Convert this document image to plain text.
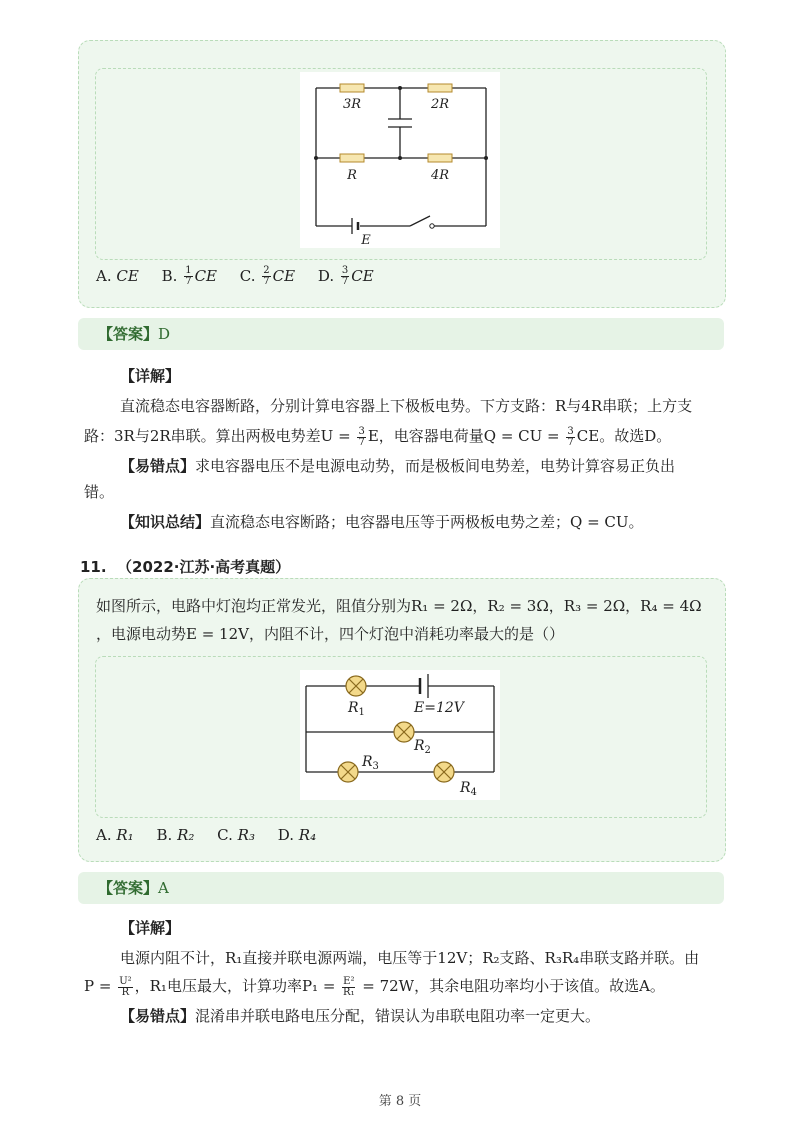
3R	2R
R	4R
E
A. CE B. $\frac{1}{7}$ CE C. $\frac{2}{7}$ CE D. $\frac{3}{7}$ CE
【答案】D
【详解】
直流稳态电容器断路，分别计算电容器上下极板电势。下方支路：R与4R串联；上方支
路：3R与2R串联。算出两极电势差$U = \frac{3}{7}$ E，电容器电荷量Q = CU = $\frac{3}{7}$ CE。故选D。
【易错点】求电容器电压不是电源电动势，而是极板间电势差，电势计算容易正负出
错。
【知识总结】直流稳态电容断路；电容器电压等于两极板电势之差；Q = CU。
11. （2022·江苏·高考真题）
如图所示，电路中灯泡均正常发光，阻值分别为R₁ = 2Ω，R₂ = 3Ω，R₃ = 2Ω，R₄ = 4Ω
，电源电动势E = 12V，内阻不计，四个灯泡中消耗功率最大的是（）
$R_1$
$R_2$
$R_3$
$R_4$
E=12V
A. R₁ B. R₂ C. R₃ D. R₄
【答案】A
【详解】
电源内阻不计，R₁直接并联电源两端，电压等于12V；R₂支路、R₃R₄串联支路并联。由
$P = \frac{\text{U²}}{R}$ ，R₁电压最大，计算功率$P_1 = \frac{\text{E²}}{\text{R₁}} = 72W$，其余电阻功率均小于该值。故选A。
【易错点】混淆串并联电路电压分配，错误认为串联电阻功率一定更大。
第 8 页
